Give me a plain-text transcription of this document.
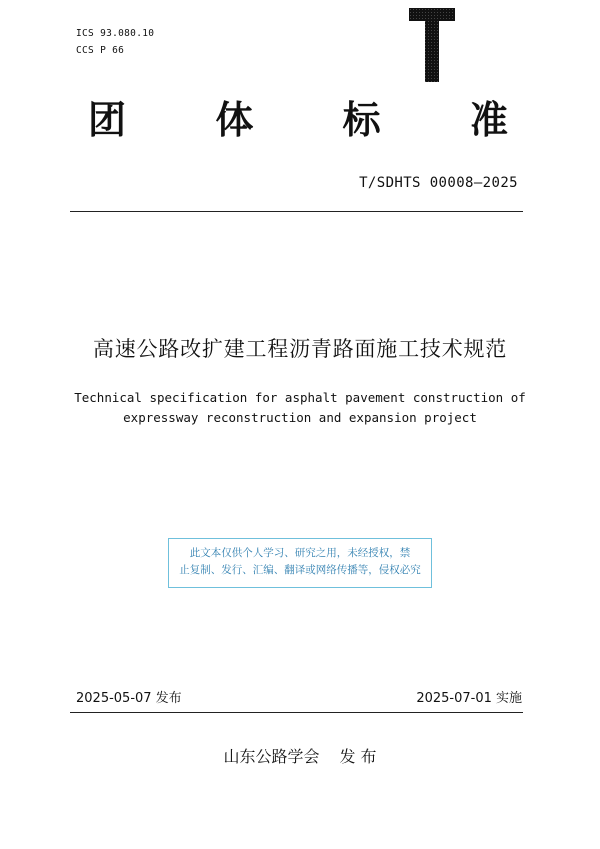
ICS 93.080.10
CCS P 66
团 体 标 准
T/SDHTS 00008—2025
高速公路改扩建工程沥青路面施工技术规范
Technical specification for asphalt pavement construction of
expressway reconstruction and expansion project
此文本仅供个人学习、研究之用，未经授权，禁
止复制、发行、汇编、翻译或网络传播等，侵权必究
2025-05-07 发布	2025-07-01 实施
山东公路学会 发 布
